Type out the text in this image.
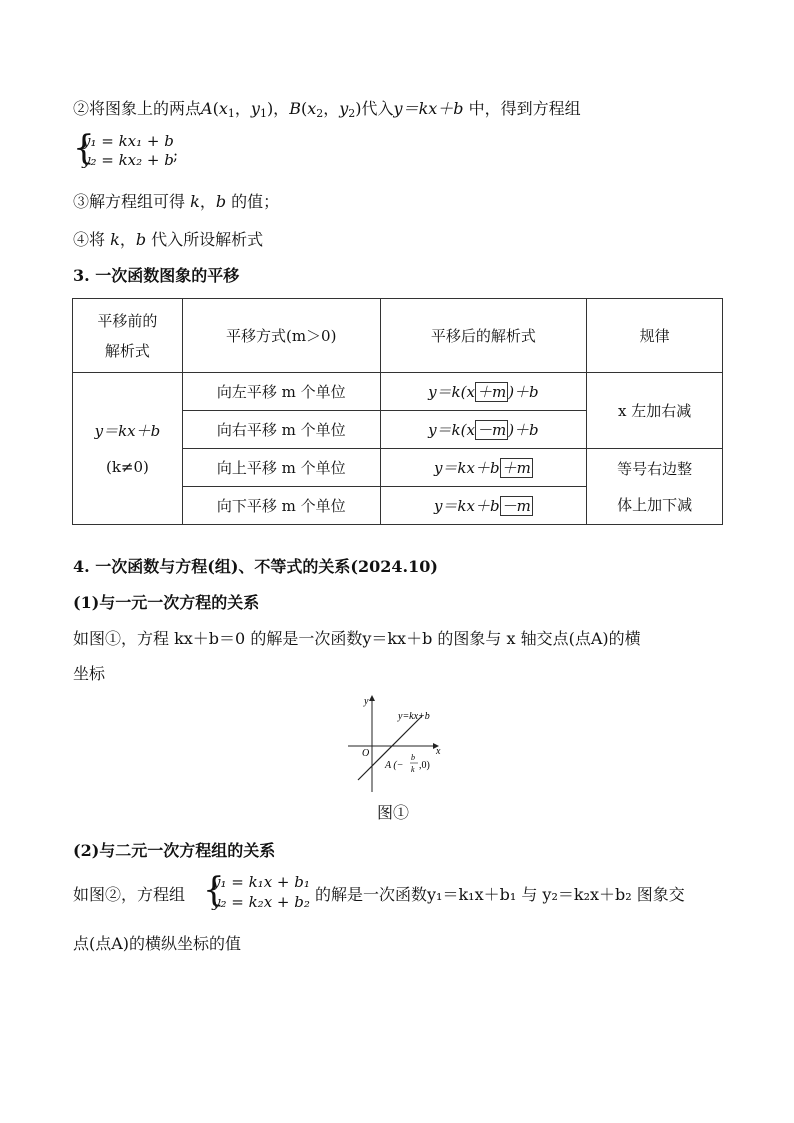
②将图象上的两点$A(x_1$，$y_1$)，$B(x_2$，$y_2$)代入y＝kx＋b 中，得到方程组
{
y₁ = kx₁ + b
y₂ = kx₂ + b ;
③解方程组可得 k，b 的值；
④将 k，b 代入所设解析式
3. 一次函数图象的平移
平移前的
解析式	平移方式(m＞0)	平移后的解析式	规律

y＝kx＋b
(k≠0)	向左平移 m 个单位	y＝k(x ＋m )＋b	x 左加右减
	向右平移 m 个单位	y＝k(x －m )＋b	
	向上平移 m 个单位	y＝kx＋b ＋m	等号右边整
体上加下减

	向下平移 m 个单位	y＝kx＋b －m	
4. 一次函数与方程(组)、不等式的关系(2024.10)
(1)与一元一次方程的关系
如图①，方程 kx＋b＝0 的解是一次函数y＝kx＋b 的图象与 x 轴交点(点A)的横
坐标
y
x
O
y=kx+b
A (−
b
k ,0)
图①
(2)与二元一次方程组的关系
如图②，方程组 {
y₁ = k₁x + b₁
y₂ = k₂x + b₂ 的解是一次函数y₁＝k₁x＋b₁ 与 y₂＝k₂x＋b₂ 图象交
点(点A)的横纵坐标的值
